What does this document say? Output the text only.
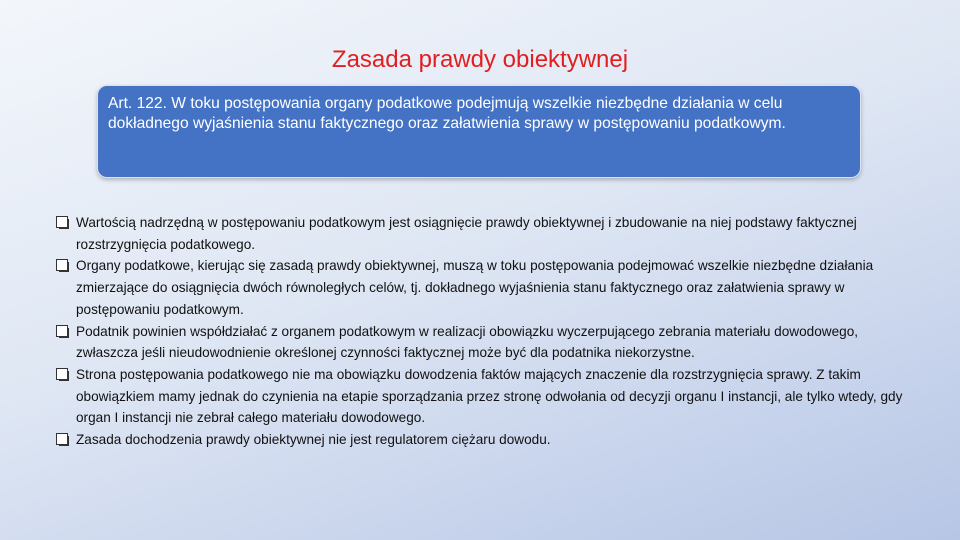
Zasada prawdy obiektywnej
Art. 122. W toku postępowania organy podatkowe podejmują wszelkie niezbędne działania w celu dokładnego wyjaśnienia stanu faktycznego oraz załatwienia sprawy w postępowaniu podatkowym.
Wartością nadrzędną w postępowaniu podatkowym jest osiągnięcie prawdy obiektywnej i zbudowanie na niej podstawy faktycznej rozstrzygnięcia podatkowego.
Organy podatkowe, kierując się zasadą prawdy obiektywnej, muszą w toku postępowania podejmować wszelkie niezbędne działania zmierzające do osiągnięcia dwóch równoległych celów, tj. dokładnego wyjaśnienia stanu faktycznego oraz załatwienia sprawy w postępowaniu podatkowym.
Podatnik powinien współdziałać z organem podatkowym w realizacji obowiązku wyczerpującego zebrania materiału dowodowego, zwłaszcza jeśli nieudowodnienie określonej czynności faktycznej może być dla podatnika niekorzystne.
Strona postępowania podatkowego nie ma obowiązku dowodzenia faktów mających znaczenie dla rozstrzygnięcia sprawy. Z takim obowiązkiem mamy jednak do czynienia na etapie sporządzania przez stronę odwołania od decyzji organu I instancji, ale tylko wtedy, gdy organ I instancji nie zebrał całego materiału dowodowego.
Zasada dochodzenia prawdy obiektywnej nie jest regulatorem ciężaru dowodu.
